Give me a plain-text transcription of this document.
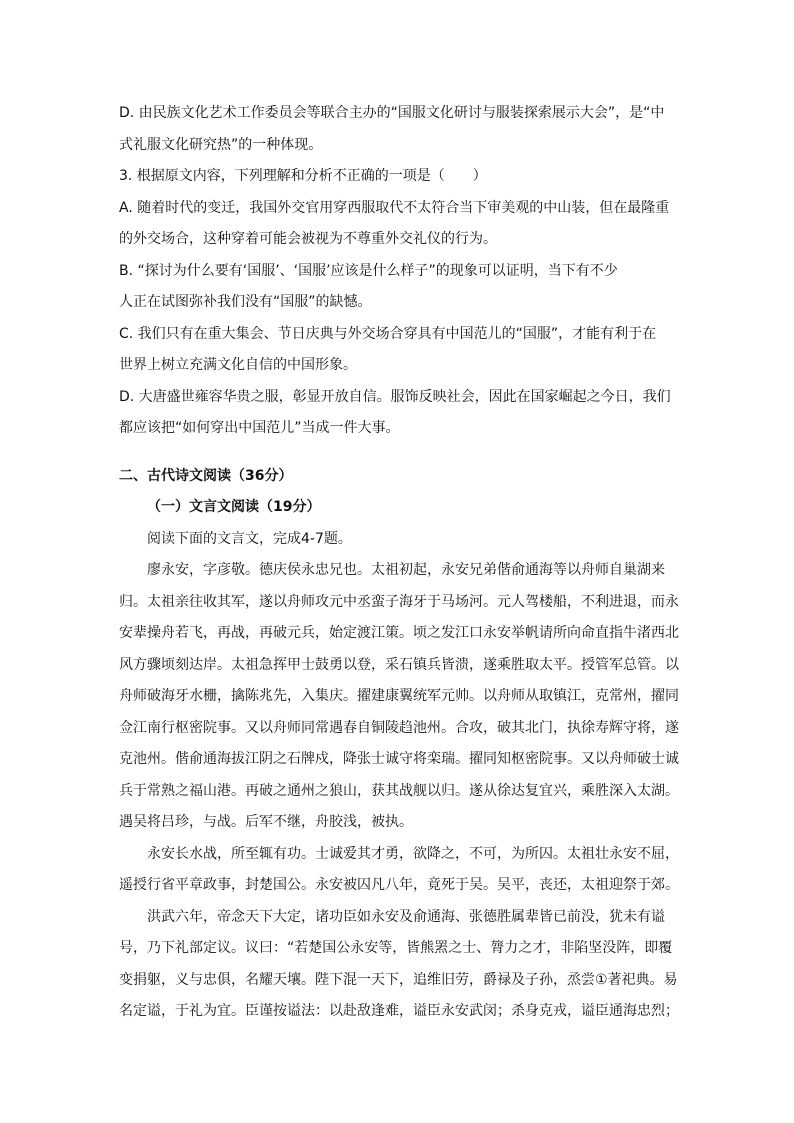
D. 由民族文化艺术工作委员会等联合主办的“国服文化研讨与服装探索展示大会”，是“中
式礼服文化研究热”的一种体现。
3. 根据原文内容，下列理解和分析不正确的一项是（　　）
A. 随着时代的变迁，我国外交官用穿西服取代不太符合当下审美观的中山装，但在最隆重
的外交场合，这种穿着可能会被视为不尊重外交礼仪的行为。
B. “探讨为什么要有‘国服’、‘国服’应该是什么样子”的现象可以证明，当下有不少
人正在试图弥补我们没有“国服”的缺憾。
C. 我们只有在重大集会、节日庆典与外交场合穿具有中国范儿的“国服”，才能有利于在
世界上树立充满文化自信的中国形象。
D. 大唐盛世雍容华贵之服，彰显开放自信。服饰反映社会，因此在国家崛起之今日，我们
都应该把“如何穿出中国范儿”当成一件大事。
二、古代诗文阅读（36分）
（一）文言文阅读（19分）
阅读下面的文言文，完成4-7题。
廖永安，字彦敬。德庆侯永忠兄也。太祖初起，永安兄弟偕俞通海等以舟师自巢湖来
归。太祖亲往收其军，遂以舟师攻元中丞蛮子海牙于马场河。元人驾楼船，不利进退，而永
安辈操舟若飞，再战，再破元兵，始定渡江策。顷之发江口永安举帆请所向命直指牛渚西北
风方骤顷刻达岸。太祖急挥甲士鼓勇以登，采石镇兵皆溃，遂乘胜取太平。授管军总管。以
舟师破海牙水栅，擒陈兆先，入集庆。擢建康翼统军元帅。以舟师从取镇江，克常州，擢同
佥江南行枢密院事。又以舟师同常遇春自铜陵趋池州。合攻，破其北门，执徐寿辉守将，遂
克池州。偕俞通海拔江阴之石牌戍，降张士诚守将栾瑞。擢同知枢密院事。又以舟师破士诚
兵于常熟之福山港。再破之通州之狼山，获其战舰以归。遂从徐达复宜兴，乘胜深入太湖。
遇吴将吕珍，与战。后军不继，舟胶浅，被执。
永安长水战，所至辄有功。士诚爱其才勇，欲降之，不可，为所囚。太祖壮永安不屈，
遥授行省平章政事，封楚国公。永安被囚凡八年，竟死于吴。吴平，丧还，太祖迎祭于郊。
洪武六年，帝念天下大定，诸功臣如永安及俞通海、张德胜属辈皆已前没，犹未有谥
号，乃下礼部定议。议曰：“若楚国公永安等，皆熊罴之士、膂力之才，非陷坚没阵，即覆
变捐躯，义与忠俱，名耀天壤。陛下混一天下，追维旧劳，爵禄及子孙，烝尝①著祀典。易
名定谥，于礼为宜。臣谨按谥法：以赴敌逢难，谥臣永安武闵；杀身克戎，谥臣通海忠烈；
